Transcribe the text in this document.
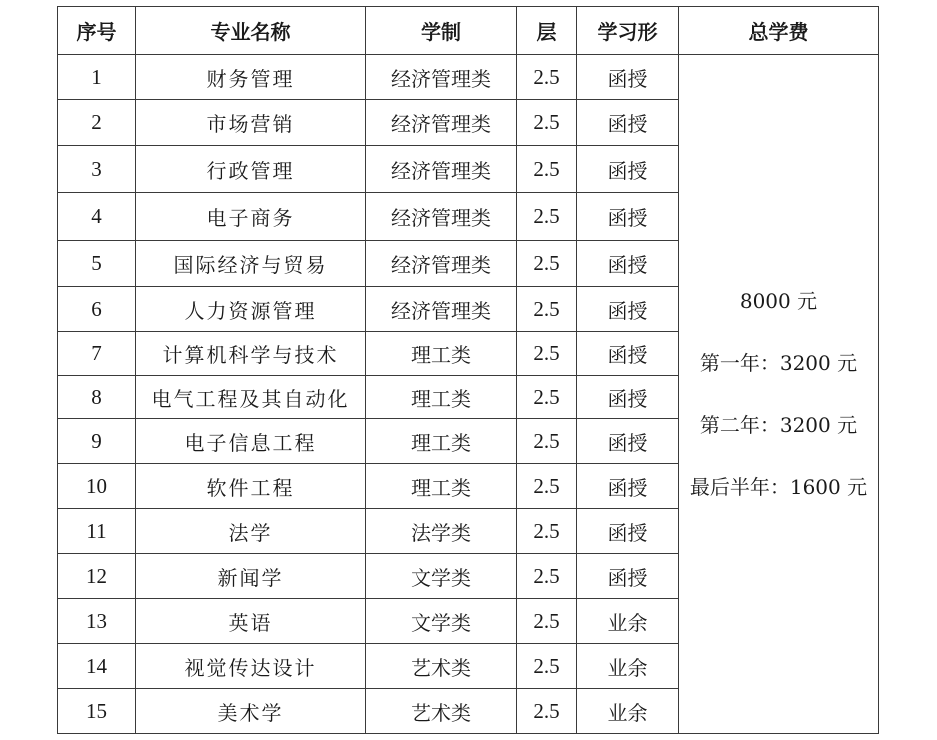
序号	专业名称	学制	层	学习形	总学费
1	财务管理	经济管理类	2.5	函授	8000 元
第一年：3200 元
第二年：3200 元
最后半年：1600 元

2	市场营销	经济管理类	2.5	函授	
3	行政管理	经济管理类	2.5	函授	
4	电子商务	经济管理类	2.5	函授	
5	国际经济与贸易	经济管理类	2.5	函授	
6	人力资源管理	经济管理类	2.5	函授	
7	计算机科学与技术	理工类	2.5	函授	
8	电气工程及其自动化	理工类	2.5	函授	
9	电子信息工程	理工类	2.5	函授	
10	软件工程	理工类	2.5	函授	
11	法学	法学类	2.5	函授	
12	新闻学	文学类	2.5	函授	
13	英语	文学类	2.5	业余	
14	视觉传达设计	艺术类	2.5	业余	
15	美术学	艺术类	2.5	业余	
